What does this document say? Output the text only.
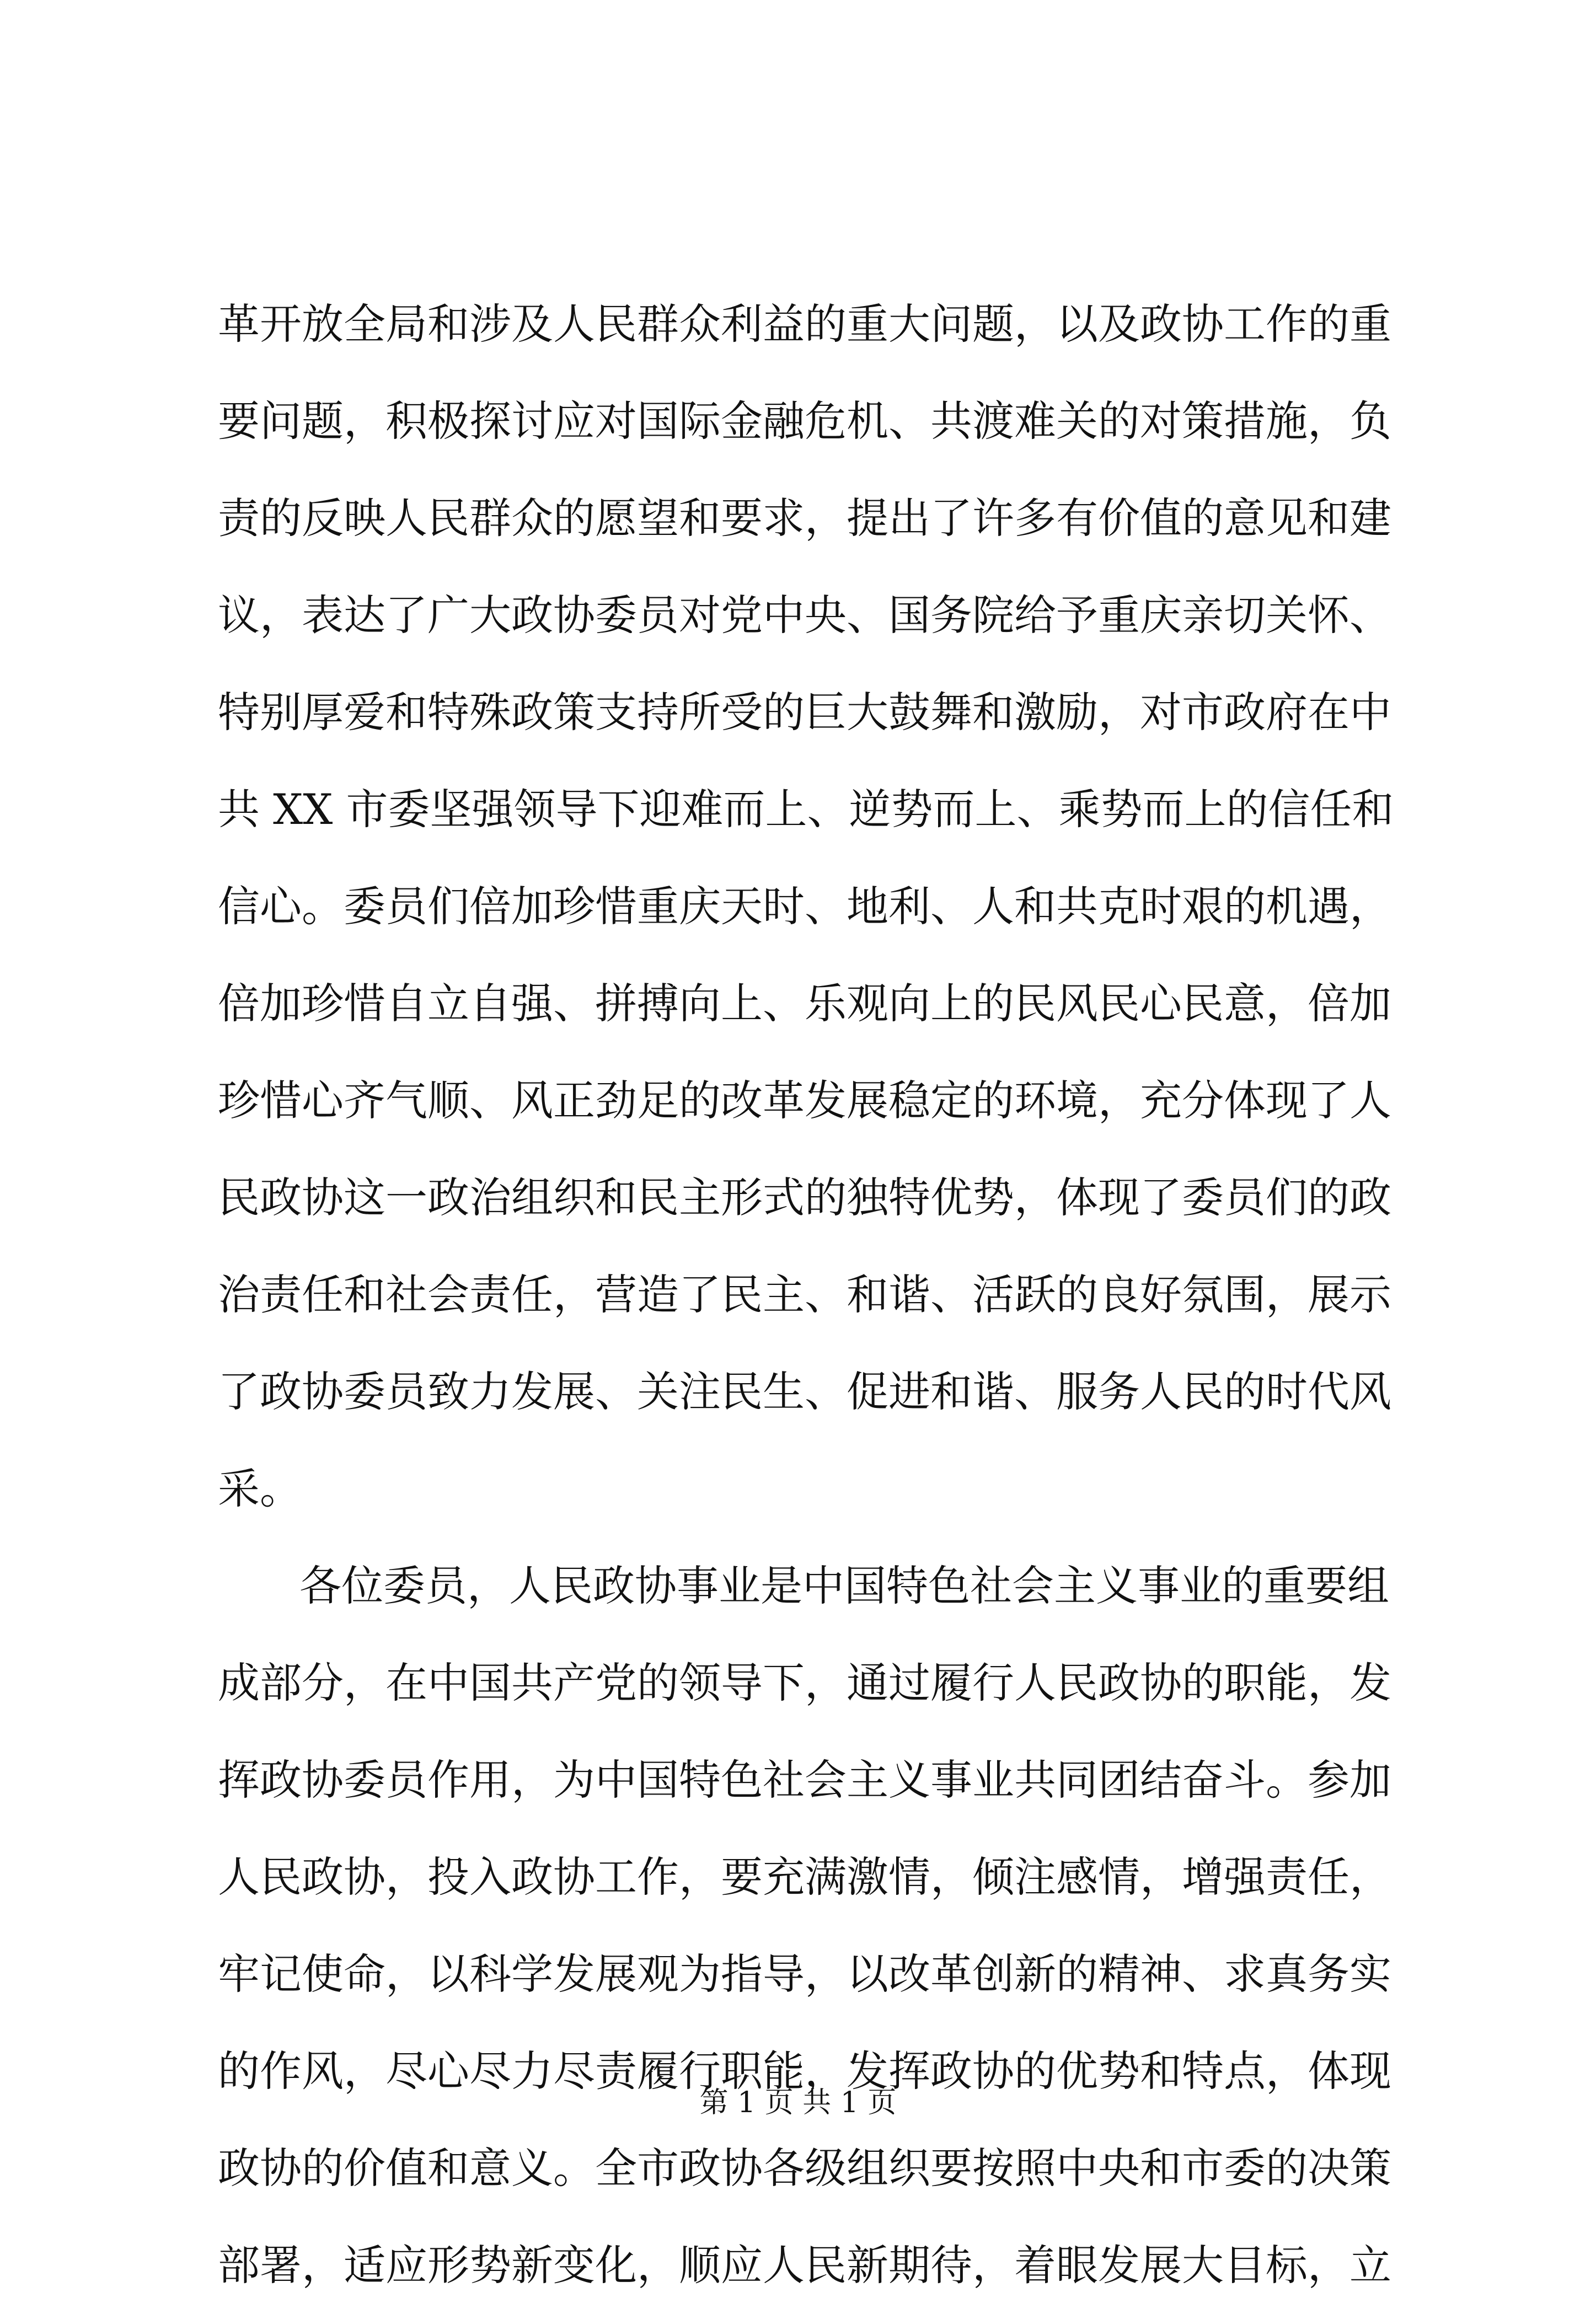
革开放全局和涉及人民群众利益的重大问题，以及政协工作的重
要问题，积极探讨应对国际金融危机、共渡难关的对策措施，负
责的反映人民群众的愿望和要求，提出了许多有价值的意见和建
议，表达了广大政协委员对党中央、国务院给予重庆亲切关怀、
特别厚爱和特殊政策支持所受的巨大鼓舞和激励，对市政府在中
共 XX 市委坚强领导下迎难而上、逆势而上、乘势而上的信任和
信心。委员们倍加珍惜重庆天时、地利、人和共克时艰的机遇，
倍加珍惜自立自强、拼搏向上、乐观向上的民风民心民意，倍加
珍惜心齐气顺、风正劲足的改革发展稳定的环境，充分体现了人
民政协这一政治组织和民主形式的独特优势，体现了委员们的政
治责任和社会责任，营造了民主、和谐、活跃的良好氛围，展示
了政协委员致力发展、关注民生、促进和谐、服务人民的时代风
采。
各位委员，人民政协事业是中国特色社会主义事业的重要组
成部分，在中国共产党的领导下，通过履行人民政协的职能，发
挥政协委员作用，为中国特色社会主义事业共同团结奋斗。参加
人民政协，投入政协工作，要充满激情，倾注感情，增强责任，
牢记使命，以科学发展观为指导，以改革创新的精神、求真务实
的作风，尽心尽力尽责履行职能，发挥政协的优势和特点，体现
政协的价值和意义。全市政协各级组织要按照中央和市委的决策
部署，适应形势新变化，顺应人民新期待，着眼发展大目标，立
第 1 页 共 1 页
